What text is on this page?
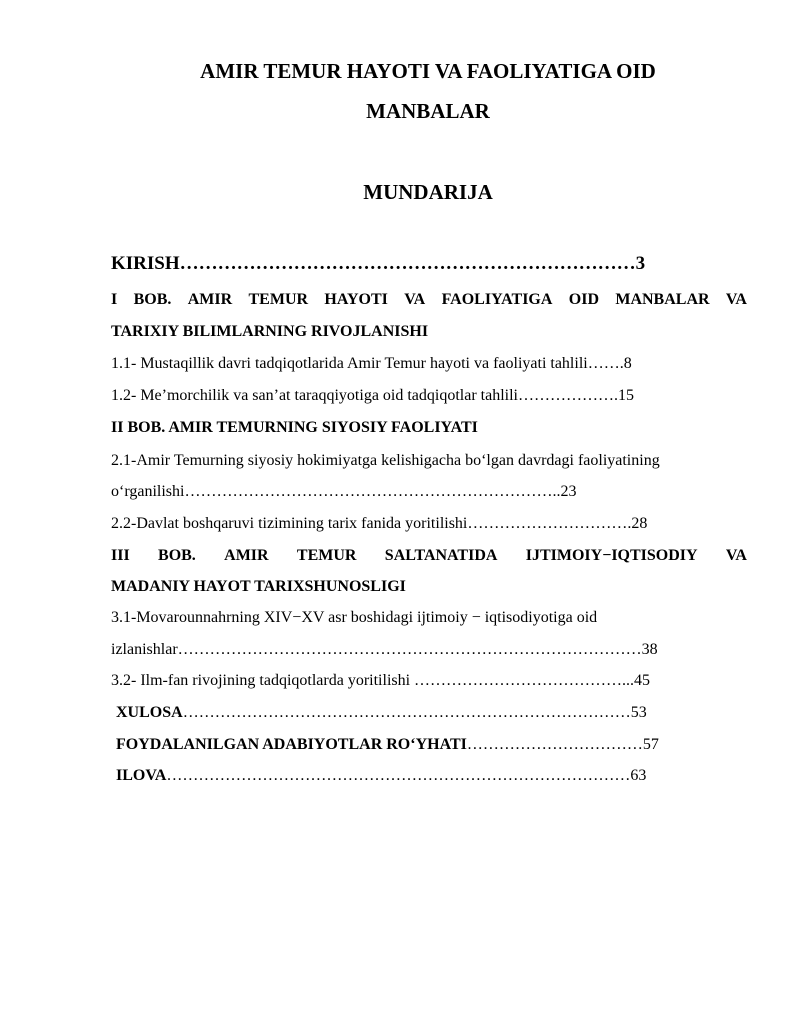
AMIR TEMUR HAYOTI VA FAOLIYATIGA OID
MANBALAR
MUNDARIJA
KIRISH………………………………………………………………3
I BOB. AMIR TEMUR HAYOTI VA FAOLIYATIGA OID MANBALAR VA
TARIXIY BILIMLARNING RIVOJLANISHI
1.1- Mustaqillik davri tadqiqotlarida Amir Temur hayoti va faoliyati tahlili…….8
1.2- Me’morchilik va san’at taraqqiyotiga oid tadqiqotlar tahlili……………….15
II BOB. AMIR TEMURNING SIYOSIY FAOLIYATI
2.1-Amir Temurning siyosiy hokimiyatga kelishigacha bo‘lgan davrdagi faoliyatining
o‘rganilishi……………………………………………………………..23
2.2-Davlat boshqaruvi tizimining tarix fanida yoritilishi………………………….28
III BOB. AMIR TEMUR SALTANATIDA IJTIMOIY−IQTISODIY VA
MADANIY HAYOT TARIXSHUNOSLIGI
3.1-Movarounnahrning XIV−XV asr boshidagi ijtimoiy − iqtisodiyotiga oid
izlanishlar……………………………………………………………………………38
3.2- Ilm-fan rivojining tadqiqotlarda yoritilishi …………………………………...45
XULOSA…………………………………………………………………………53
FOYDALANILGAN ADABIYOTLAR RO‘YHATI……………………………57
ILOVA……………………………………………………………………………63
